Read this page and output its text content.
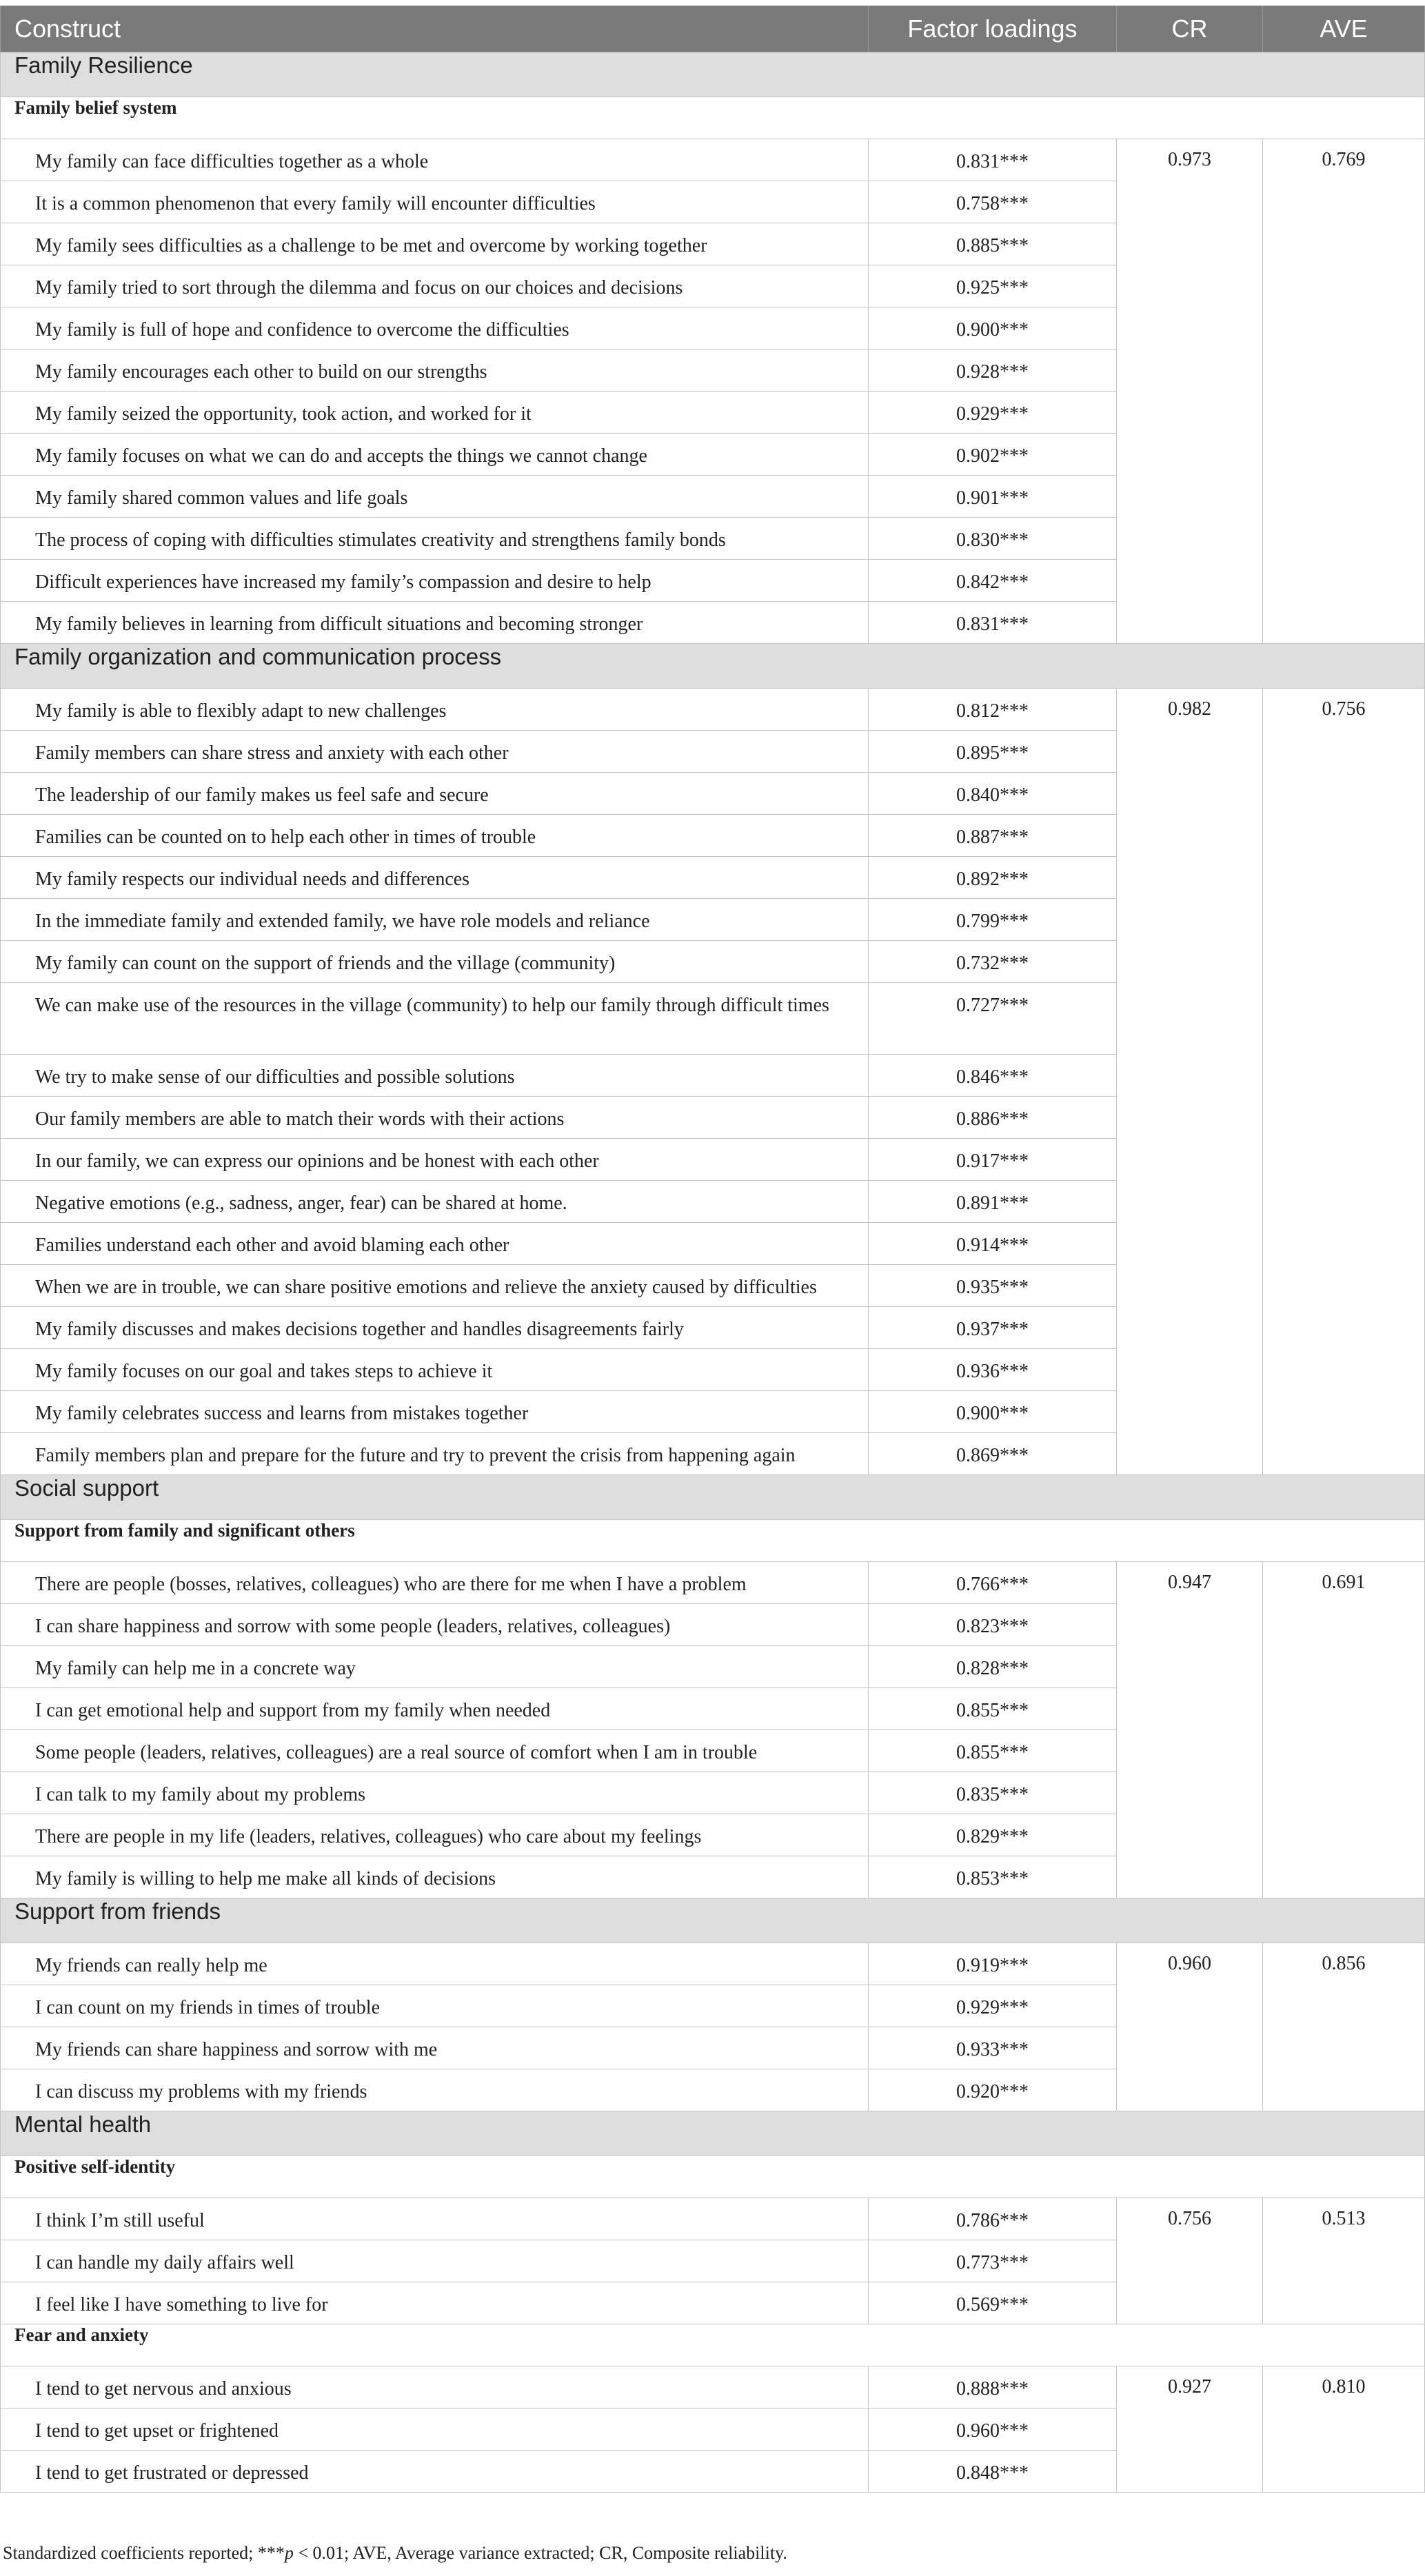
Construct	Factor loadings	CR	AVE
Family Resilience			
Family belief system			
My family can face difficulties together as a whole	0.831***	0.973	0.769
It is a common phenomenon that every family will encounter difficulties	0.758***		
My family sees difficulties as a challenge to be met and overcome by working together	0.885***		
My family tried to sort through the dilemma and focus on our choices and decisions	0.925***		
My family is full of hope and confidence to overcome the difficulties	0.900***		
My family encourages each other to build on our strengths	0.928***		
My family seized the opportunity, took action, and worked for it	0.929***		
My family focuses on what we can do and accepts the things we cannot change	0.902***		
My family shared common values and life goals	0.901***		
The process of coping with difficulties stimulates creativity and strengthens family bonds	0.830***		
Difficult experiences have increased my family’s compassion and desire to help	0.842***		
My family believes in learning from difficult situations and becoming stronger	0.831***		
Family organization and communication process			
My family is able to flexibly adapt to new challenges	0.812***	0.982	0.756
Family members can share stress and anxiety with each other	0.895***		
The leadership of our family makes us feel safe and secure	0.840***		
Families can be counted on to help each other in times of trouble	0.887***		
My family respects our individual needs and differences	0.892***		
In the immediate family and extended family, we have role models and reliance	0.799***		
My family can count on the support of friends and the village (community)	0.732***		
We can make use of the resources in the village (community) to help our family through difficult times	0.727***		
We try to make sense of our difficulties and possible solutions	0.846***		
Our family members are able to match their words with their actions	0.886***		
In our family, we can express our opinions and be honest with each other	0.917***		
Negative emotions (e.g., sadness, anger, fear) can be shared at home.	0.891***		
Families understand each other and avoid blaming each other	0.914***		
When we are in trouble, we can share positive emotions and relieve the anxiety caused by difficulties	0.935***		
My family discusses and makes decisions together and handles disagreements fairly	0.937***		
My family focuses on our goal and takes steps to achieve it	0.936***		
My family celebrates success and learns from mistakes together	0.900***		
Family members plan and prepare for the future and try to prevent the crisis from happening again	0.869***		
Social support			
Support from family and significant others			
There are people (bosses, relatives, colleagues) who are there for me when I have a problem	0.766***	0.947	0.691
I can share happiness and sorrow with some people (leaders, relatives, colleagues)	0.823***		
My family can help me in a concrete way	0.828***		
I can get emotional help and support from my family when needed	0.855***		
Some people (leaders, relatives, colleagues) are a real source of comfort when I am in trouble	0.855***		
I can talk to my family about my problems	0.835***		
There are people in my life (leaders, relatives, colleagues) who care about my feelings	0.829***		
My family is willing to help me make all kinds of decisions	0.853***		
Support from friends			
My friends can really help me	0.919***	0.960	0.856
I can count on my friends in times of trouble	0.929***		
My friends can share happiness and sorrow with me	0.933***		
I can discuss my problems with my friends	0.920***		
Mental health			
Positive self-identity			
I think I’m still useful	0.786***	0.756	0.513
I can handle my daily affairs well	0.773***		
I feel like I have something to live for	0.569***		
Fear and anxiety			
I tend to get nervous and anxious	0.888***	0.927	0.810
I tend to get upset or frightened	0.960***		
I tend to get frustrated or depressed	0.848***		
Standardized coefficients reported; ***p < 0.01; AVE, Average variance extracted; CR, Composite reliability.
